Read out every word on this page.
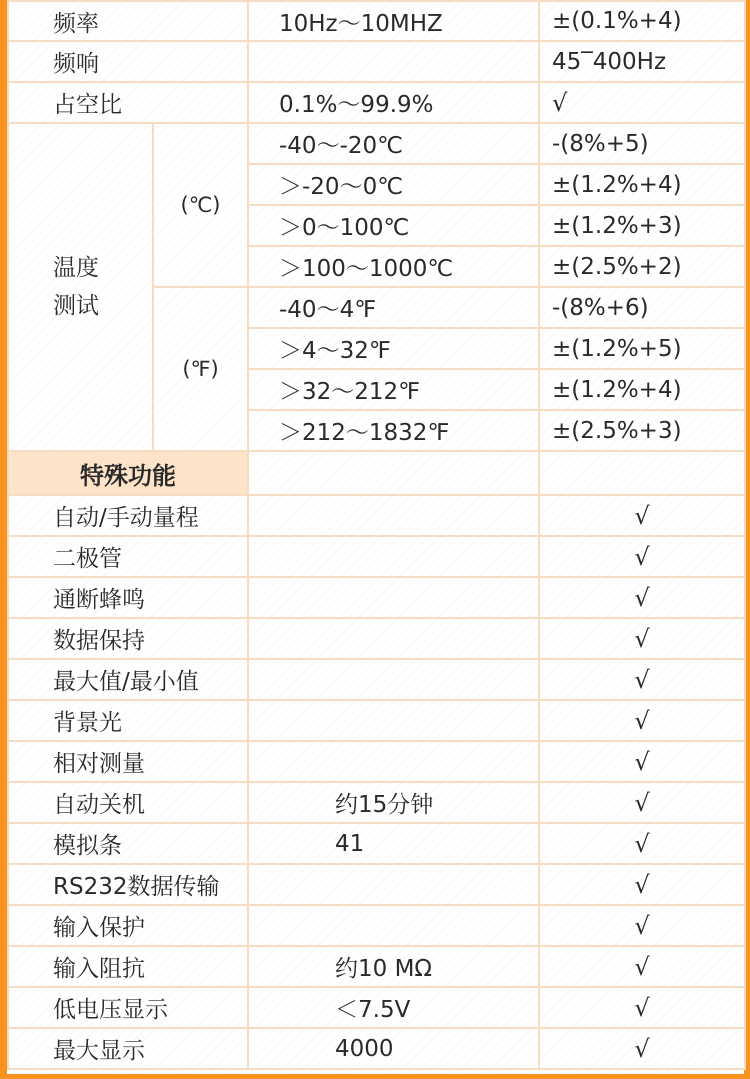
频率		10Hz～10MHZ	±(0.1%+4)
频响			45‾400Hz
占空比		0.1%～99.9%	√

温度
测试	(℃)	-40～-20℃	-(8%+5)
		＞-20～0℃	±(1.2%+4)
		＞0～100℃	±(1.2%+3)
		＞100～1000℃	±(2.5%+2)
	(℉)	-40～4℉	-(8%+6)
		＞4～32℉	±(1.2%+5)
		＞32～212℉	±(1.2%+4)
		＞212～1832℉	±(2.5%+3)
特殊功能			
自动/手动量程			√
二极管			√
通断蜂鸣			√
数据保持			√
最大值/最小值			√
背景光			√
相对测量			√
自动关机		约15分钟	√
模拟条		41	√
RS232数据传输			√
输入保护			√
输入阻抗		约10 MΩ	√
低电压显示		＜7.5V	√
最大显示		4000	√
